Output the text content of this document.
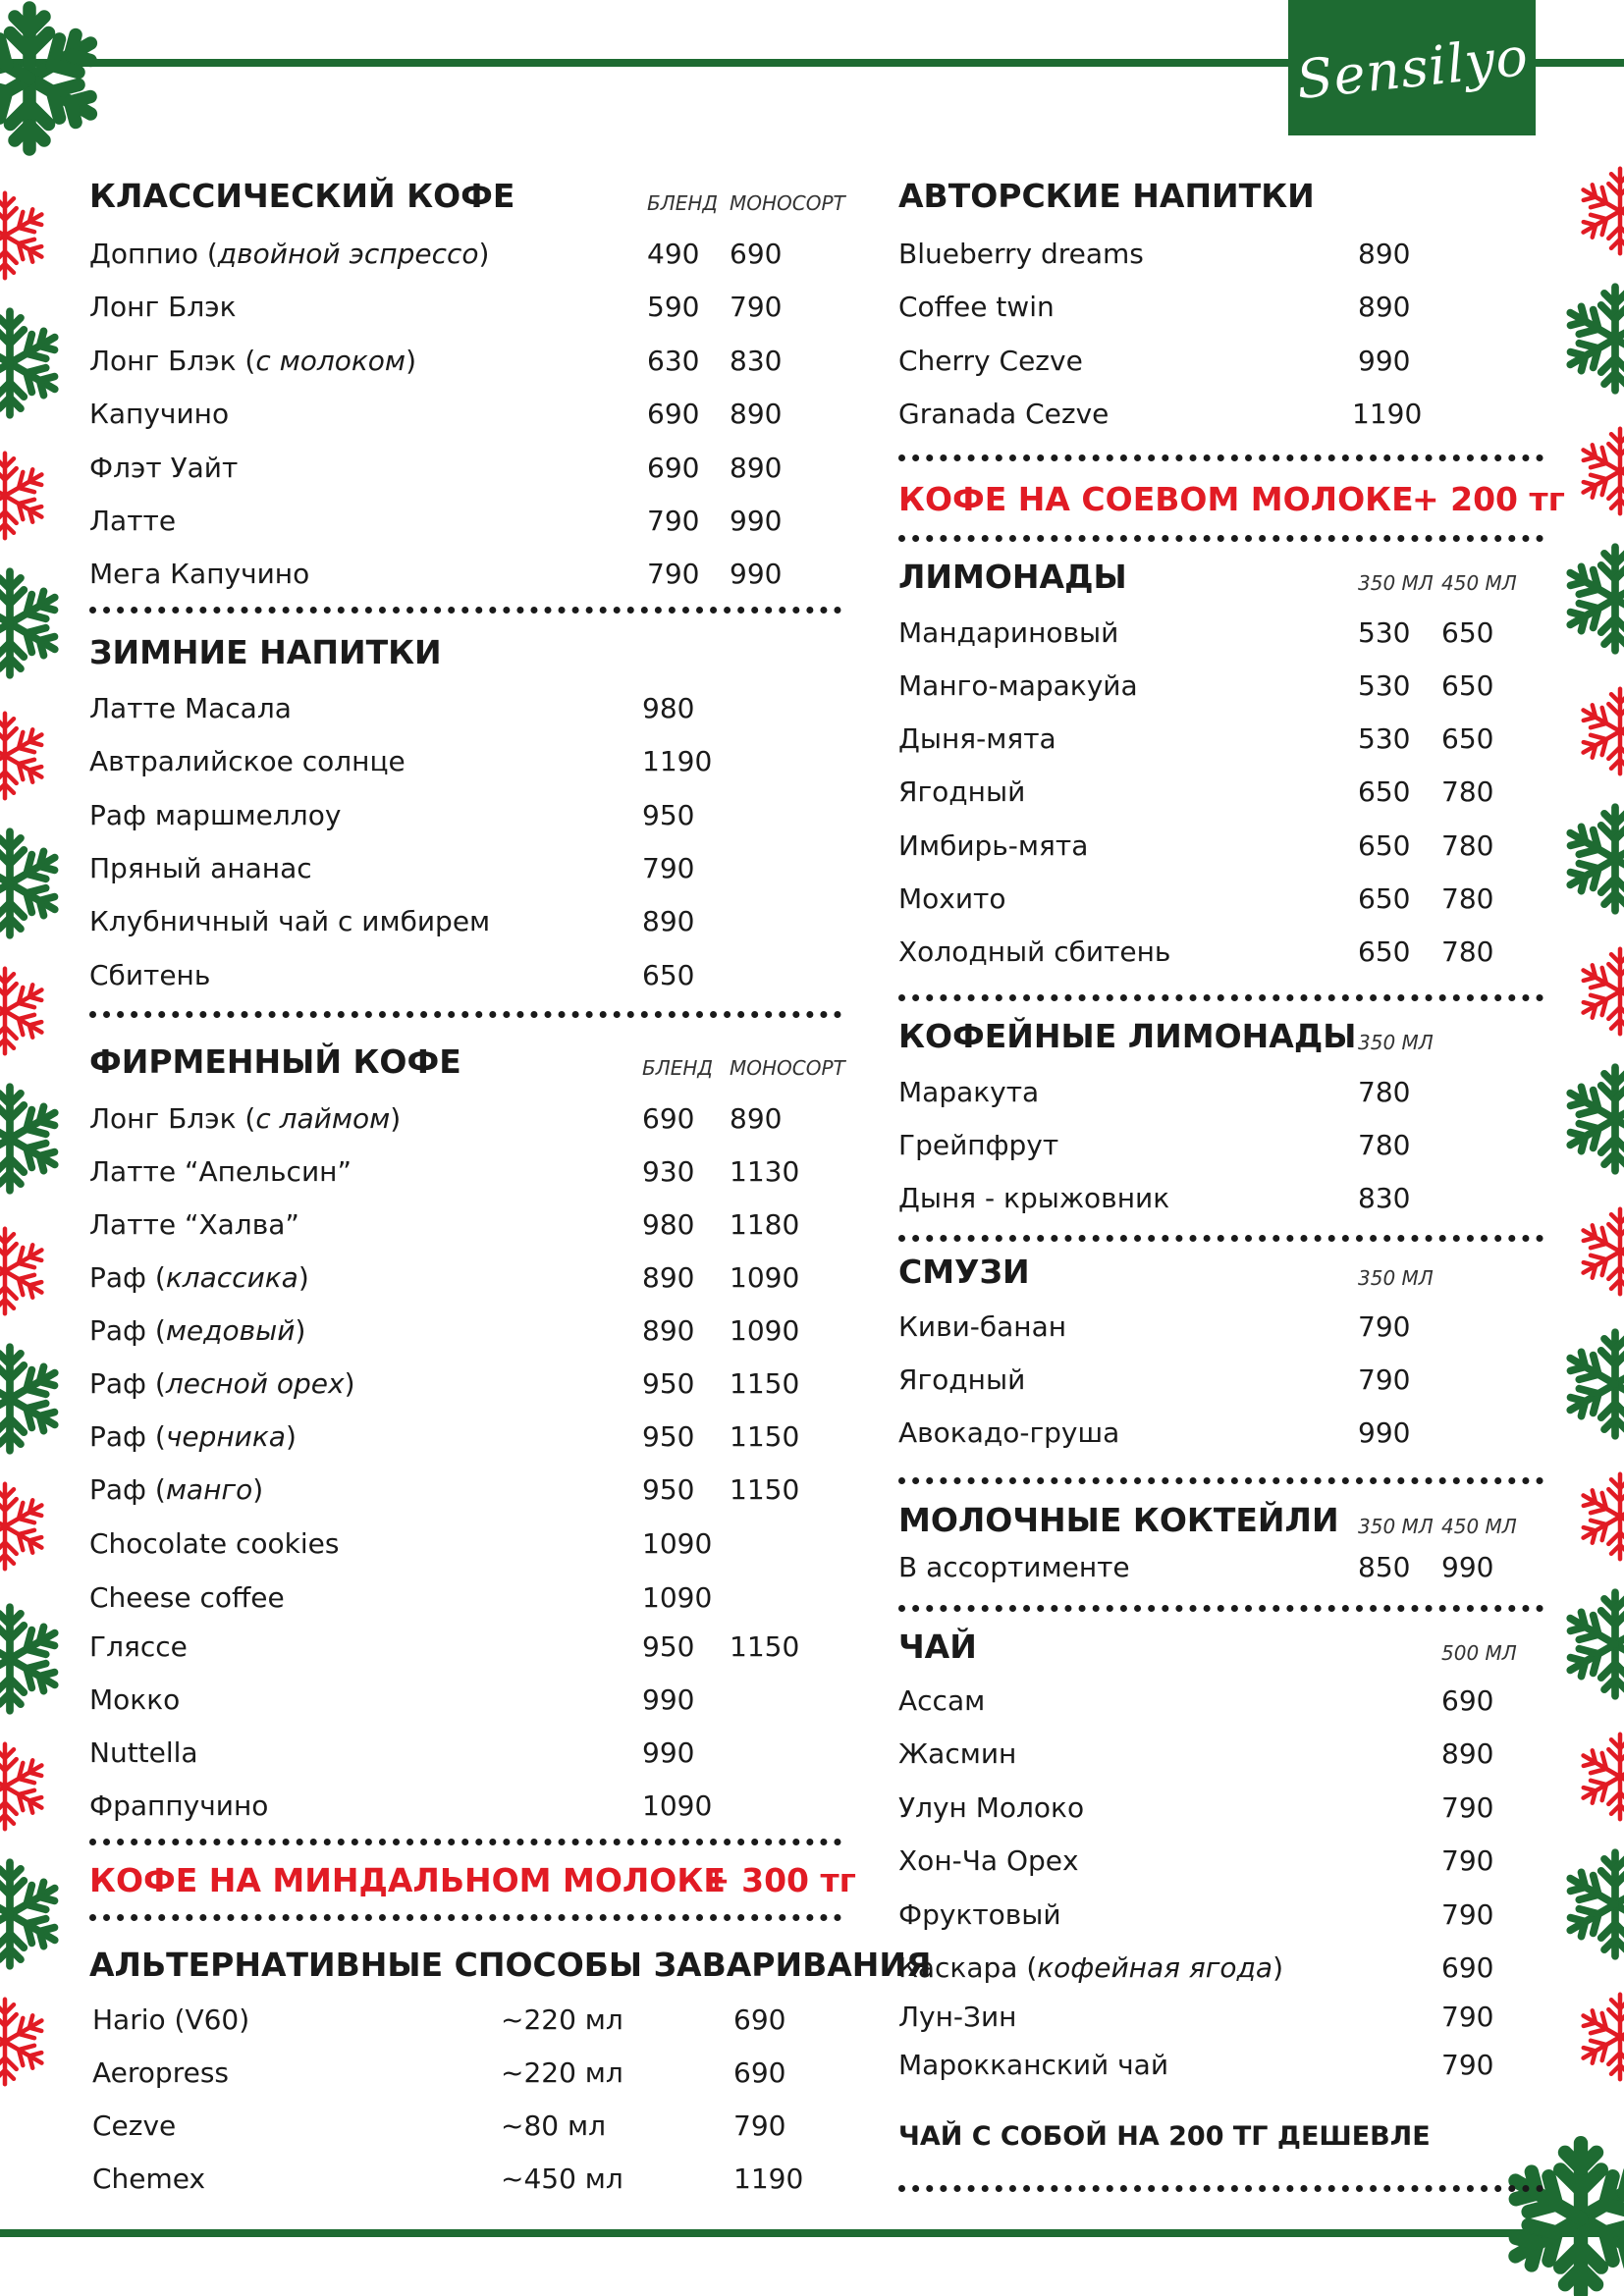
Sensilyo
КЛАССИЧЕСКИЙ КОФЕ	БЛЕНД МОНОСОРТ
Доппио (двойной эспрессо)	490 690
Лонг Блэк	590 790
Лонг Блэк (с молоком)	630 830
Капучино	690 890
Флэт Уайт	690 890
Латте	790 990
Мега Капучино	790 990
ЗИМНИЕ НАПИТКИ
Латте Масала	980
Автралийское солнце	1190
Раф маршмеллоу	950
Пряный ананас	790
Клубничный чай с имбирем	890
Сбитень	650
ФИРМЕННЫЙ КОФЕ	БЛЕНД МОНОСОРТ
Лонг Блэк (с лаймом)	690 890
Латте “Апельсин”	930 1130
Латте “Халва”	980 1180
Раф (классика)	890 1090
Раф (медовый)	890 1090
Раф (лесной орех)	950 1150
Раф (черника)	950 1150
Раф (манго)	950 1150
Chocolate cookies	1090
Cheese coffee	1090
Гляссе	950 1150
Мокко	990
Nuttella	990
Фраппучино	1090
КОФЕ НА МИНДАЛЬНОМ МОЛОКЕ
+ 300 тг
АЛЬТЕРНАТИВНЫЕ СПОСОБЫ ЗАВАРИВАНИЯ
Hario (V60)	~220 мл	690
Aeropress	~220 мл	690
Cezve	~80 мл	790
Chemex	~450 мл	1190
АВТОРСКИЕ НАПИТКИ
Blueberry dreams	890
Coffee twin	890
Cherry Cezve	990
Granada Cezve	1190
КОФЕ НА СОЕВОМ МОЛОКЕ
+ 200 тг
ЛИМОНАДЫ	350 МЛ 450 МЛ
Мандариновый	530 650
Манго-маракуйа	530 650
Дыня-мята	530 650
Ягодный	650 780
Имбирь-мята	650 780
Мохито	650 780
Холодный сбитень	650 780
КОФЕЙНЫЕ ЛИМОНАДЫ 350 МЛ
Маракута	780
Грейпфрут	780
Дыня - крыжовник	830
СМУЗИ	350 МЛ
Киви-банан	790
Ягодный	790
Авокадо-груша	990
МОЛОЧНЫЕ КОКТЕЙЛИ 350 МЛ 450 МЛ
В ассортименте	850 990
ЧАЙ	500 МЛ
Ассам	690
Жасмин	890
Улун Молоко	790
Хон-Ча Орех	790
Фруктовый	790
Каскара (кофейная ягода)	690
Лун-Зин	790
Марокканский чай	790
ЧАЙ С СОБОЙ НА 200 ТГ ДЕШЕВЛЕ
